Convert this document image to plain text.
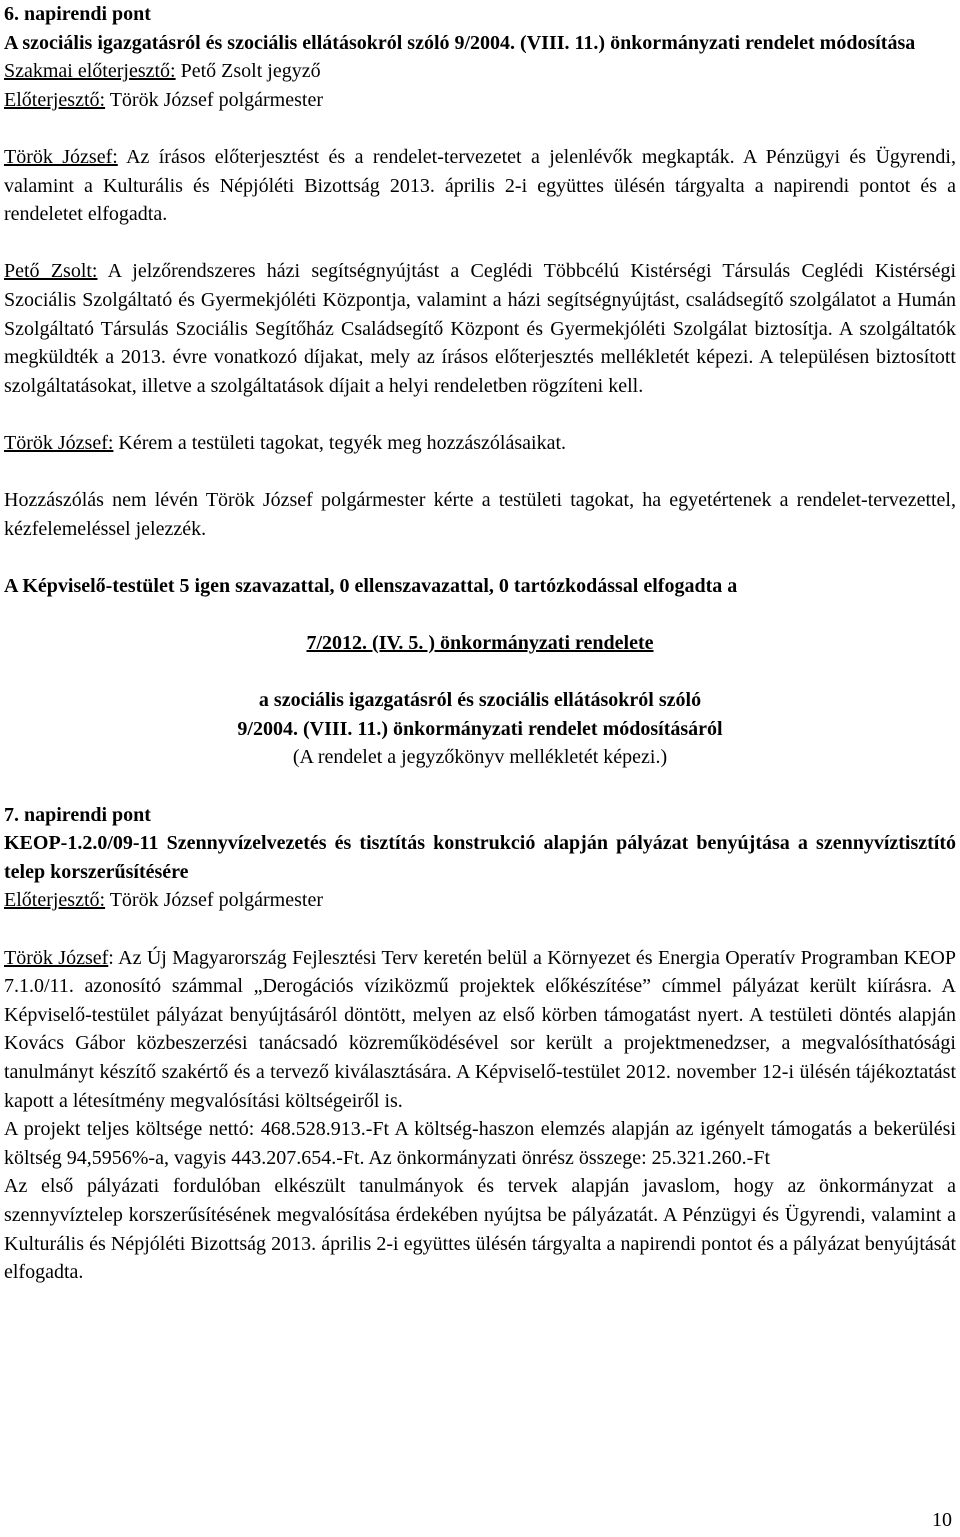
6. napirendi pont
A szociális igazgatásról és szociális ellátásokról szóló 9/2004. (VIII. 11.) önkormányzati rendelet módosítása
Szakmai előterjesztő: Pető Zsolt jegyző
Előterjesztő: Török József polgármester
Török József: Az írásos előterjesztést és a rendelet-tervezetet a jelenlévők megkapták. A Pénzügyi és Ügyrendi, valamint a Kulturális és Népjóléti Bizottság 2013. április 2-i együttes ülésén tárgyalta a napirendi pontot és a rendeletet elfogadta.
Pető Zsolt: A jelzőrendszeres házi segítségnyújtást a Ceglédi Többcélú Kistérségi Társulás Ceglédi Kistérségi Szociális Szolgáltató és Gyermekjóléti Központja, valamint a házi segítségnyújtást, családsegítő szolgálatot a Humán Szolgáltató Társulás Szociális Segítőház Családsegítő Központ és Gyermekjóléti Szolgálat biztosítja. A szolgáltatók megküldték a 2013. évre vonatkozó díjakat, mely az írásos előterjesztés mellékletét képezi. A településen biztosított szolgáltatásokat, illetve a szolgáltatások díjait a helyi rendeletben rögzíteni kell.
Török József: Kérem a testületi tagokat, tegyék meg hozzászólásaikat.
Hozzászólás nem lévén Török József polgármester kérte a testületi tagokat, ha egyetértenek a rendelet-tervezettel, kézfelemeléssel jelezzék.
A Képviselő-testület 5 igen szavazattal, 0 ellenszavazattal, 0 tartózkodással elfogadta a
7/2012. (IV. 5. ) önkormányzati rendelete
a szociális igazgatásról és szociális ellátásokról szóló
9/2004. (VIII. 11.) önkormányzati rendelet módosításáról
(A rendelet a jegyzőkönyv mellékletét képezi.)
7. napirendi pont
KEOP-1.2.0/09-11 Szennyvízelvezetés és tisztítás konstrukció alapján pályázat benyújtása a szennyvíztisztító telep korszerűsítésére
Előterjesztő: Török József polgármester
Török József: Az Új Magyarország Fejlesztési Terv keretén belül a Környezet és Energia Operatív Programban KEOP 7.1.0/11. azonosító számmal „Derogációs víziközmű projektek előkészítése” címmel pályázat került kiírásra. A Képviselő-testület pályázat benyújtásáról döntött, melyen az első körben támogatást nyert. A testületi döntés alapján Kovács Gábor közbeszerzési tanácsadó közreműködésével sor került a projektmenedzser, a megvalósíthatósági tanulmányt készítő szakértő és a tervező kiválasztására. A Képviselő-testület 2012. november 12-i ülésén tájékoztatást kapott a létesítmény megvalósítási költségeiről is.
A projekt teljes költsége nettó: 468.528.913.-Ft A költség-haszon elemzés alapján az igényelt támogatás a bekerülési költség 94,5956%-a, vagyis 443.207.654.-Ft. Az önkormányzati önrész összege: 25.321.260.-Ft
Az első pályázati fordulóban elkészült tanulmányok és tervek alapján javaslom, hogy az önkormányzat a szennyvíztelep korszerűsítésének megvalósítása érdekében nyújtsa be pályázatát. A Pénzügyi és Ügyrendi, valamint a Kulturális és Népjóléti Bizottság 2013. április 2-i együttes ülésén tárgyalta a napirendi pontot és a pályázat benyújtását elfogadta.
10
